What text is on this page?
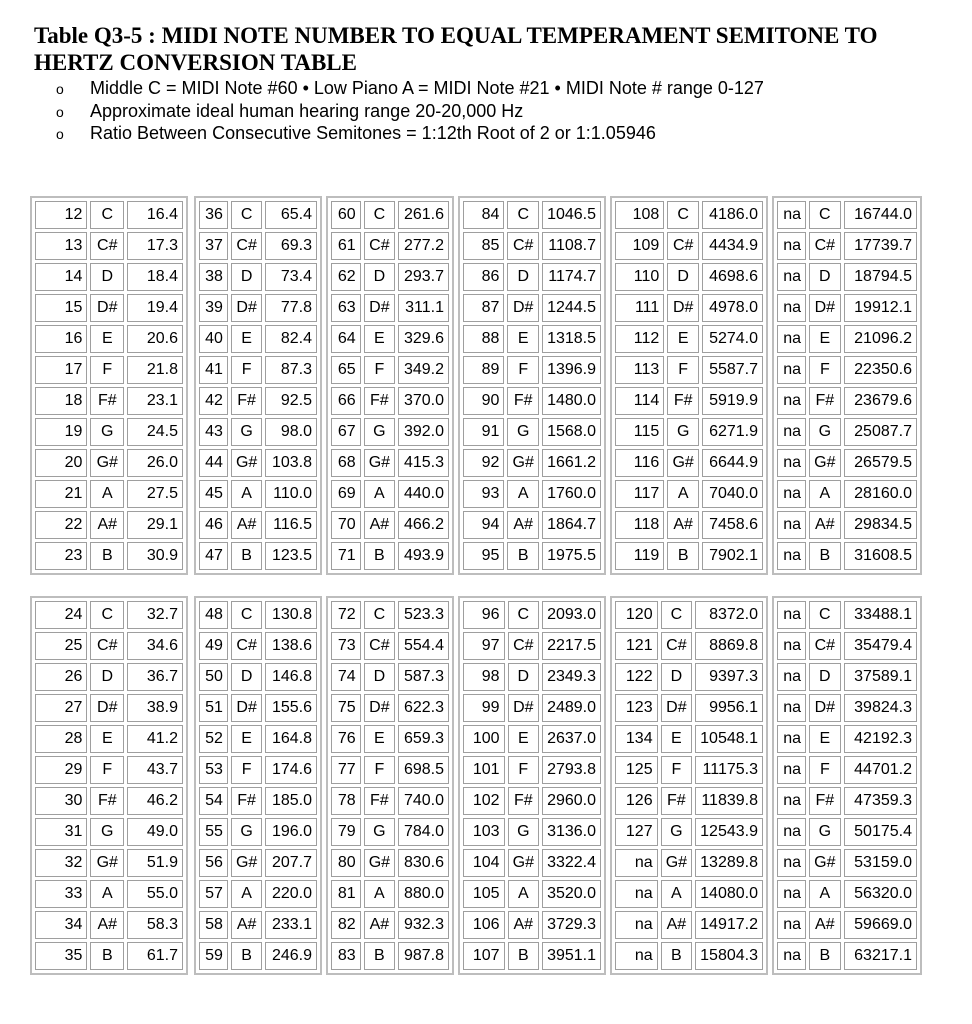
Table Q3-5 : MIDI NOTE NUMBER TO EQUAL TEMPERAMENT SEMITONE TO HERTZ CONVERSION TABLE
o Middle C = MIDI Note #60 • Low Piano A = MIDI Note #21 • MIDI Note # range 0-127
o Approximate ideal human hearing range 20-20,000 Hz
o Ratio Between Consecutive Semitones = 1:12th Root of 2 or 1:1.05946
12	C	16.4
13	C#	17.3
14	D	18.4
15	D#	19.4
16	E	20.6
17	F	21.8
18	F#	23.1
19	G	24.5
20	G#	26.0
21	A	27.5
22	A#	29.1
23	B	30.9
36	C	65.4
37	C#	69.3
38	D	73.4
39	D#	77.8
40	E	82.4
41	F	87.3
42	F#	92.5
43	G	98.0
44	G#	103.8
45	A	110.0
46	A#	116.5
47	B	123.5
60	C	261.6
61	C#	277.2
62	D	293.7
63	D#	311.1
64	E	329.6
65	F	349.2
66	F#	370.0
67	G	392.0
68	G#	415.3
69	A	440.0
70	A#	466.2
71	B	493.9
84	C	1046.5
85	C#	1108.7
86	D	1174.7
87	D#	1244.5
88	E	1318.5
89	F	1396.9
90	F#	1480.0
91	G	1568.0
92	G#	1661.2
93	A	1760.0
94	A#	1864.7
95	B	1975.5
108	C	4186.0
109	C#	4434.9
110	D	4698.6
111	D#	4978.0
112	E	5274.0
113	F	5587.7
114	F#	5919.9
115	G	6271.9
116	G#	6644.9
117	A	7040.0
118	A#	7458.6
119	B	7902.1
na	C	16744.0
na	C#	17739.7
na	D	18794.5
na	D#	19912.1
na	E	21096.2
na	F	22350.6
na	F#	23679.6
na	G	25087.7
na	G#	26579.5
na	A	28160.0
na	A#	29834.5
na	B	31608.5
24	C	32.7
25	C#	34.6
26	D	36.7
27	D#	38.9
28	E	41.2
29	F	43.7
30	F#	46.2
31	G	49.0
32	G#	51.9
33	A	55.0
34	A#	58.3
35	B	61.7
48	C	130.8
49	C#	138.6
50	D	146.8
51	D#	155.6
52	E	164.8
53	F	174.6
54	F#	185.0
55	G	196.0
56	G#	207.7
57	A	220.0
58	A#	233.1
59	B	246.9
72	C	523.3
73	C#	554.4
74	D	587.3
75	D#	622.3
76	E	659.3
77	F	698.5
78	F#	740.0
79	G	784.0
80	G#	830.6
81	A	880.0
82	A#	932.3
83	B	987.8
96	C	2093.0
97	C#	2217.5
98	D	2349.3
99	D#	2489.0
100	E	2637.0
101	F	2793.8
102	F#	2960.0
103	G	3136.0
104	G#	3322.4
105	A	3520.0
106	A#	3729.3
107	B	3951.1
120	C	8372.0
121	C#	8869.8
122	D	9397.3
123	D#	9956.1
134	E	10548.1
125	F	11175.3
126	F#	11839.8
127	G	12543.9
na	G#	13289.8
na	A	14080.0
na	A#	14917.2
na	B	15804.3
na	C	33488.1
na	C#	35479.4
na	D	37589.1
na	D#	39824.3
na	E	42192.3
na	F	44701.2
na	F#	47359.3
na	G	50175.4
na	G#	53159.0
na	A	56320.0
na	A#	59669.0
na	B	63217.1
